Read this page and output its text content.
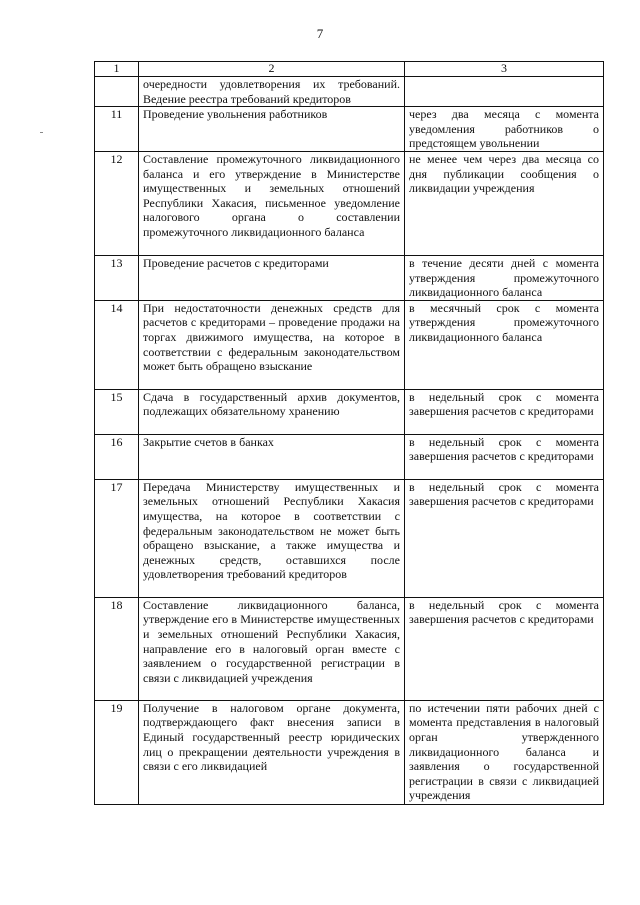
7
1	2	3
	очередности удовлетворения их требований. Ведение реестра требований кредиторов	
11	Проведение увольнения работников	через два месяца с момента уведомления работников о предстоящем увольнении
12	Составление промежуточного ликвидационного баланса и его утверждение в Министерстве имущественных и земельных отношений Республики Хакасия, письменное уведомление налогового органа о составлении промежуточного ликвидационного баланса	не менее чем через два месяца со дня публикации сообщения о ликвидации учреждения
13	Проведение расчетов с кредиторами	в течение десяти дней с момента утверждения промежуточного ликвидационного баланса
14	При недостаточности денежных средств для расчетов с кредиторами – проведение продажи на торгах движимого имущества, на которое в соответствии с федеральным законодательством может быть обращено взыскание	в месячный срок с момента утверждения промежуточного ликвидационного баланса
15	Сдача в государственный архив документов, подлежащих обязательному хранению	в недельный срок с момента завершения расчетов с кредиторами
16	Закрытие счетов в банках	в недельный срок с момента завершения расчетов с кредиторами
17	Передача Министерству имущественных и земельных отношений Республики Хакасия имущества, на которое в соответствии с федеральным законодательством не может быть обращено взыскание, а также имущества и денежных средств, оставшихся после удовлетворения требований кредиторов	в недельный срок с момента завершения расчетов с кредиторами
18	Составление ликвидационного баланса, утверждение его в Министерстве имущественных и земельных отношений Республики Хакасия, направление его в налоговый орган вместе с заявлением о государственной регистрации в связи с ликвидацией учреждения	в недельный срок с момента завершения расчетов с кредиторами
19	Получение в налоговом органе документа, подтверждающего факт внесения записи в Единый государственный реестр юридических лиц о прекращении деятельности учреждения в связи с его ликвидацией	по истечении пяти рабочих дней с момента представления в налоговый орган утвержденного ликвидационного баланса и заявления о государственной регистрации в связи с ликвидацией учреждения
